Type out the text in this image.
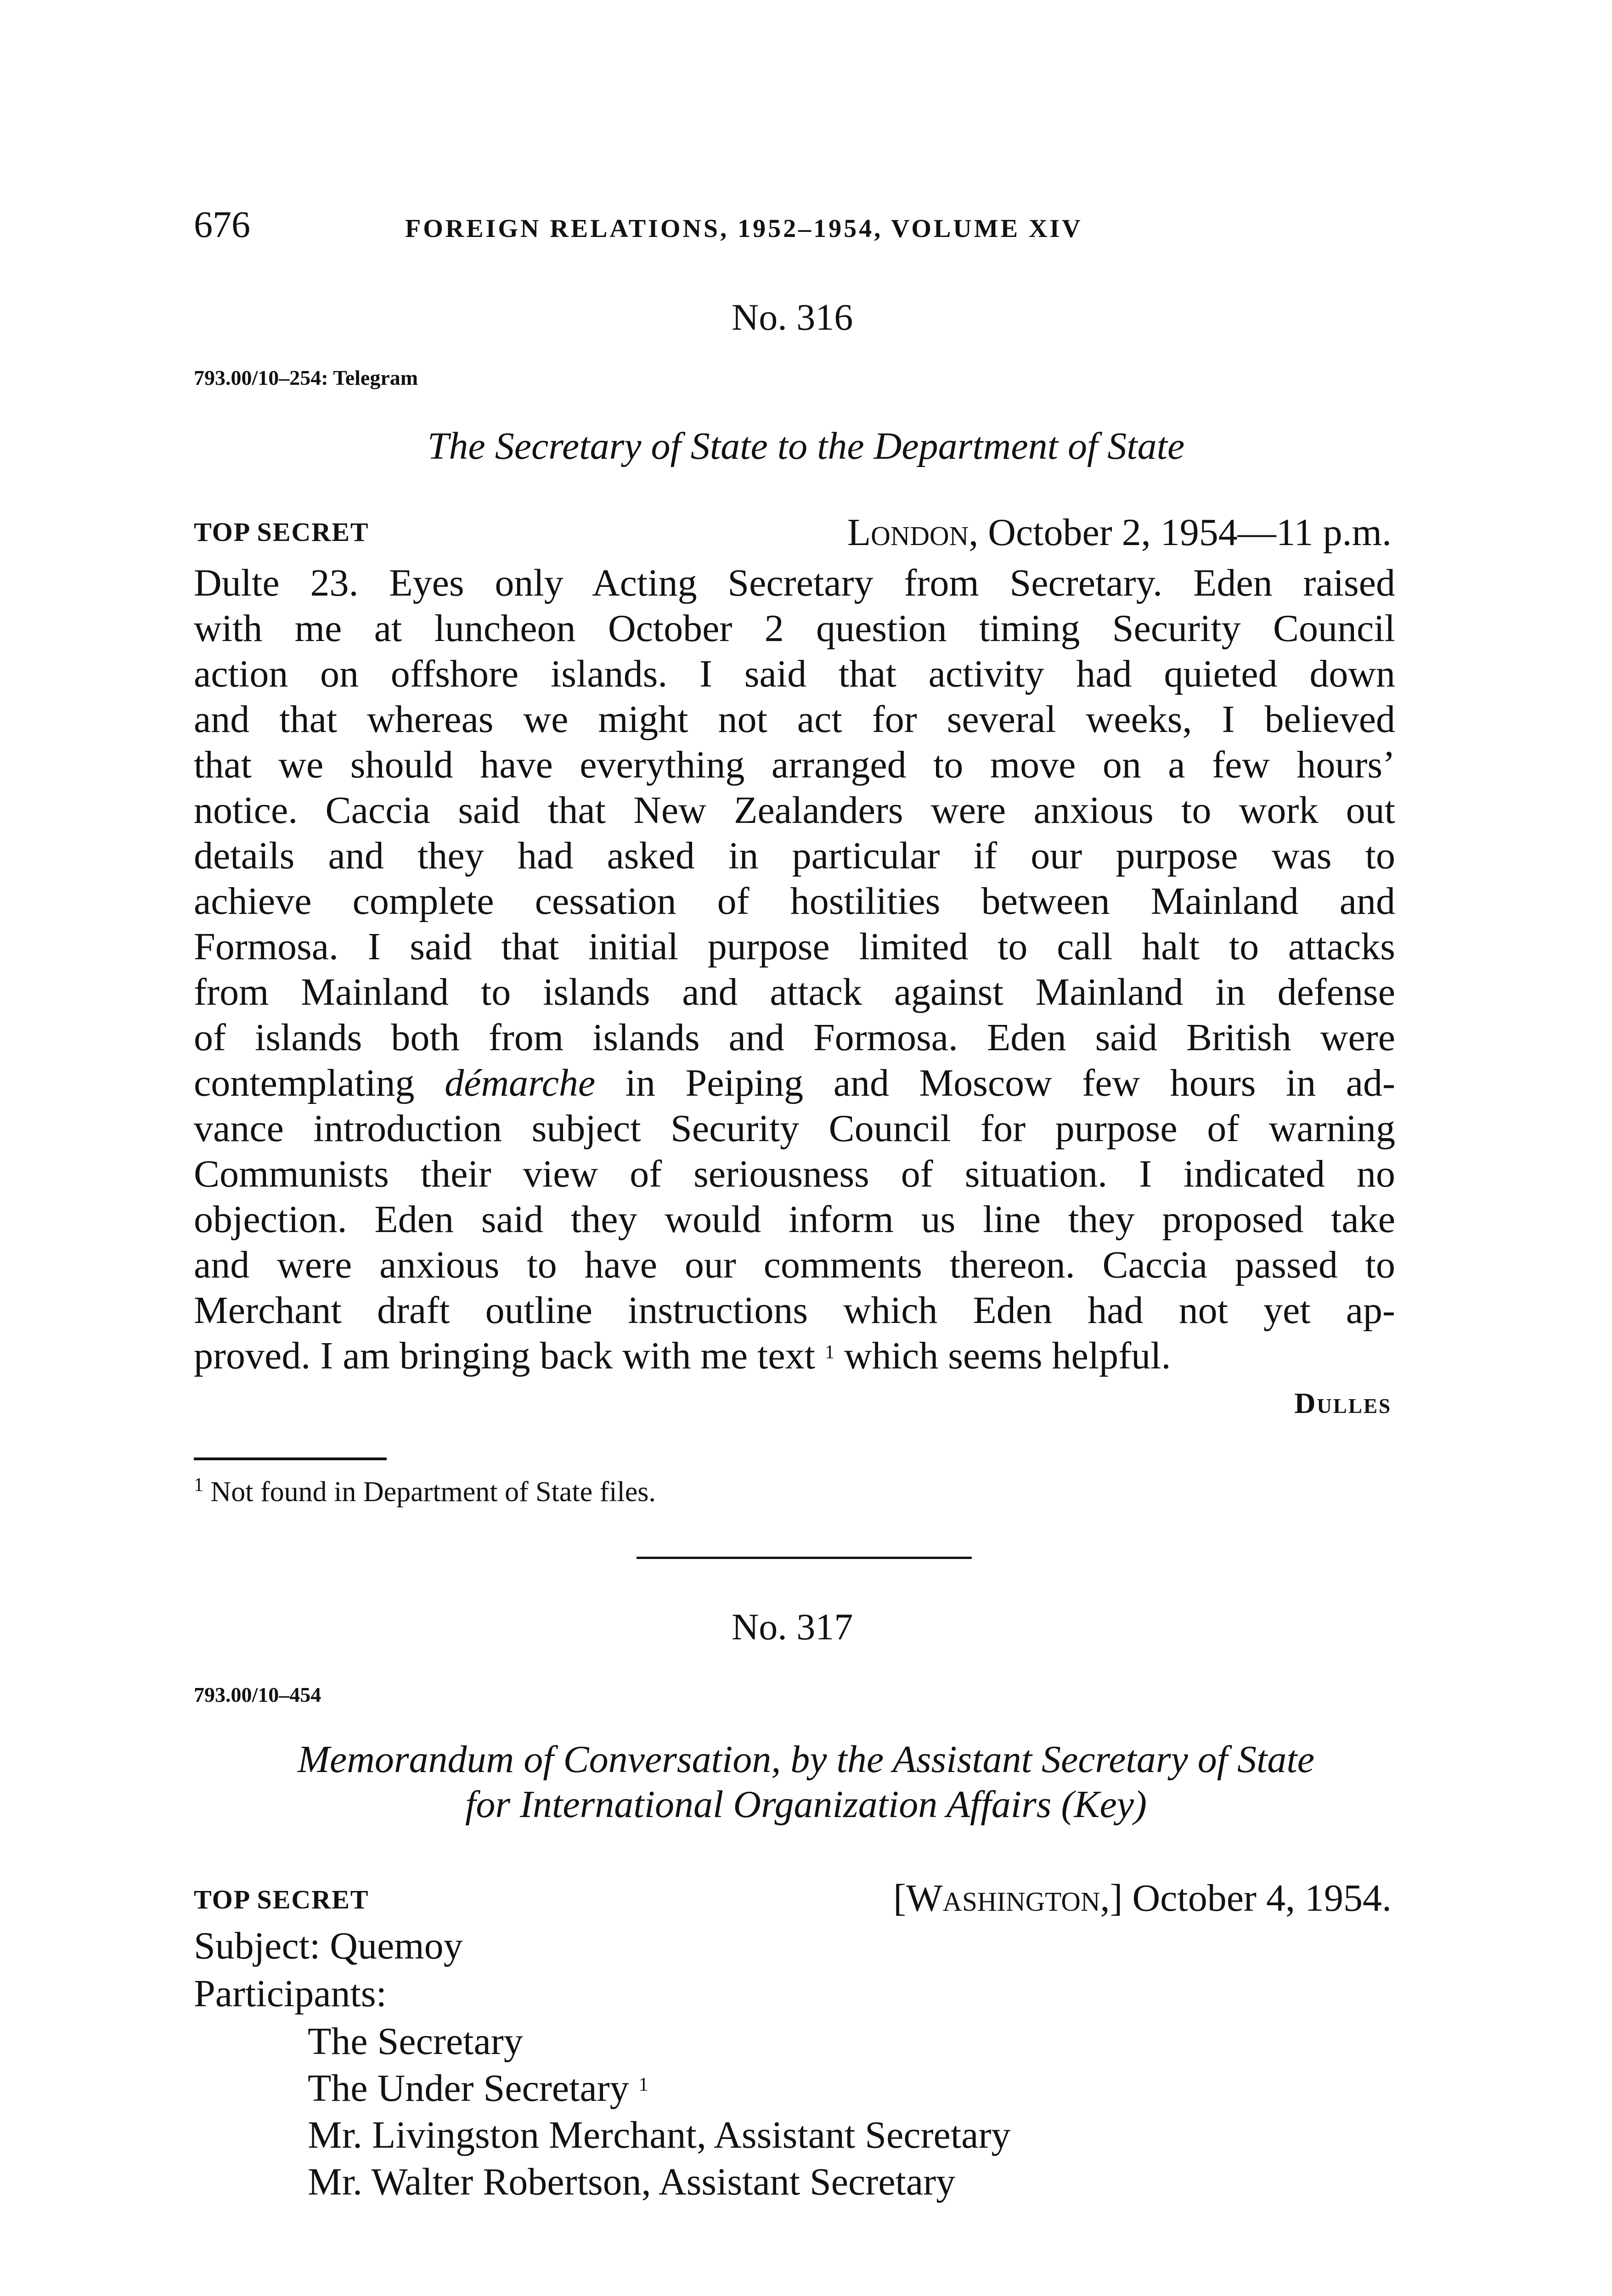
676	FOREIGN RELATIONS, 1952–1954, VOLUME XIV
No. 316
793.00/10–254: Telegram
The Secretary of State to the Department of State
TOP SECRET	London, October 2, 1954—11 p.m.
Dulte 23. Eyes only Acting Secretary from Secretary. Eden raised
with me at luncheon October 2 question timing Security Council
action on offshore islands. I said that activity had quieted down
and that whereas we might not act for several weeks, I believed
that we should have everything arranged to move on a few hours’
notice. Caccia said that New Zealanders were anxious to work out
details and they had asked in particular if our purpose was to
achieve complete cessation of hostilities between Mainland and
Formosa. I said that initial purpose limited to call halt to attacks
from Mainland to islands and attack against Mainland in defense
of islands both from islands and Formosa. Eden said British were
contemplating démarche in Peiping and Moscow few hours in ad-
vance introduction subject Security Council for purpose of warning
Communists their view of seriousness of situation. I indicated no
objection. Eden said they would inform us line they proposed take
and were anxious to have our comments thereon. Caccia passed to
Merchant draft outline instructions which Eden had not yet ap-
proved. I am bringing back with me text $^1$ which seems helpful.
Dulles
$^1$ Not found in Department of State files.
No. 317
793.00/10–454
Memorandum of Conversation, by the Assistant Secretary of State
for International Organization Affairs (Key)
TOP SECRET	[Washington,] October 4, 1954.
Subject: Quemoy
Participants:
The Secretary
The Under Secretary $^1$
Mr. Livingston Merchant, Assistant Secretary
Mr. Walter Robertson, Assistant Secretary
